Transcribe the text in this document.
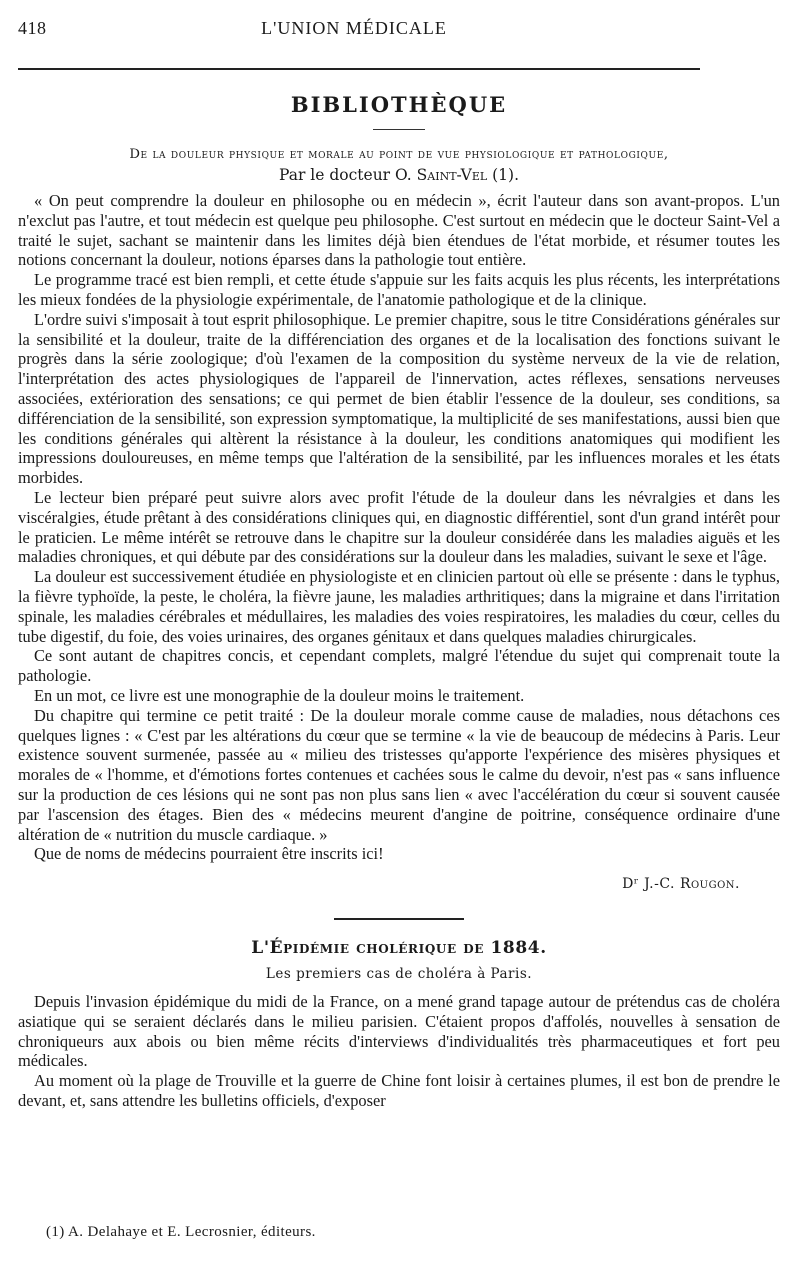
418	L'UNION MÉDICALE
BIBLIOTHÈQUE
De la douleur physique et morale au point de vue physiologique et pathologique,
Par le docteur O. Saint-Vel (1).

« On peut comprendre la douleur en philosophe ou en médecin », écrit l'auteur dans son avant-propos. L'un n'exclut pas l'autre, et tout médecin est quelque peu philosophe. C'est surtout en médecin que le docteur Saint-Vel a traité le sujet, sachant se maintenir dans les limites déjà bien étendues de l'état morbide, et résumer toutes les notions concernant la douleur, notions éparses dans la pathologie tout entière.

Le programme tracé est bien rempli, et cette étude s'appuie sur les faits acquis les plus récents, les interprétations les mieux fondées de la physiologie expérimentale, de l'anatomie pathologique et de la clinique.

L'ordre suivi s'imposait à tout esprit philosophique. Le premier chapitre, sous le titre Considérations générales sur la sensibilité et la douleur, traite de la différenciation des organes et de la localisation des fonctions suivant le progrès dans la série zoologique; d'où l'examen de la composition du système nerveux de la vie de relation, l'interprétation des actes physiologiques de l'appareil de l'innervation, actes réflexes, sensations nerveuses associées, extérioration des sensations; ce qui permet de bien établir l'essence de la douleur, ses conditions, sa différenciation de la sensibilité, son expression symptomatique, la multiplicité de ses manifestations, aussi bien que les conditions générales qui altèrent la résistance à la douleur, les conditions anatomiques qui modifient les impressions douloureuses, en même temps que l'altération de la sensibilité, par les influences morales et les états morbides.

Le lecteur bien préparé peut suivre alors avec profit l'étude de la douleur dans les névralgies et dans les viscéralgies, étude prêtant à des considérations cliniques qui, en diagnostic différentiel, sont d'un grand intérêt pour le praticien. Le même intérêt se retrouve dans le chapitre sur la douleur considérée dans les maladies aiguës et les maladies chroniques, et qui débute par des considérations sur la douleur dans les maladies, suivant le sexe et l'âge.

La douleur est successivement étudiée en physiologiste et en clinicien partout où elle se présente : dans le typhus, la fièvre typhoïde, la peste, le choléra, la fièvre jaune, les maladies arthritiques; dans la migraine et dans l'irritation spinale, les maladies cérébrales et médullaires, les maladies des voies respiratoires, les maladies du cœur, celles du tube digestif, du foie, des voies urinaires, des organes génitaux et dans quelques maladies chirurgicales.

Ce sont autant de chapitres concis, et cependant complets, malgré l'étendue du sujet qui comprenait toute la pathologie.

En un mot, ce livre est une monographie de la douleur moins le traitement.

Du chapitre qui termine ce petit traité : De la douleur morale comme cause de maladies, nous détachons ces quelques lignes : « C'est par les altérations du cœur que se termine « la vie de beaucoup de médecins à Paris. Leur existence souvent surmenée, passée au « milieu des tristesses qu'apporte l'expérience des misères physiques et morales de « l'homme, et d'émotions fortes contenues et cachées sous le calme du devoir, n'est pas « sans influence sur la production de ces lésions qui ne sont pas non plus sans lien « avec l'accélération du cœur si souvent causée par l'ascension des étages. Bien des « médecins meurent d'angine de poitrine, conséquence ordinaire d'une altération de « nutrition du muscle cardiaque. »

Que de noms de médecins pourraient être inscrits ici!

Dʳ J.-C. Rougon.
L'Épidémie cholérique de 1884.
Les premiers cas de choléra à Paris.

Depuis l'invasion épidémique du midi de la France, on a mené grand tapage autour de prétendus cas de choléra asiatique qui se seraient déclarés dans le milieu parisien. C'étaient propos d'affolés, nouvelles à sensation de chroniqueurs aux abois ou bien même récits d'interviews d'individualités très pharmaceutiques et fort peu médicales.

Au moment où la plage de Trouville et la guerre de Chine font loisir à certaines plumes, il est bon de prendre le devant, et, sans attendre les bulletins officiels, d'exposer

(1) A. Delahaye et E. Lecrosnier, éditeurs.
